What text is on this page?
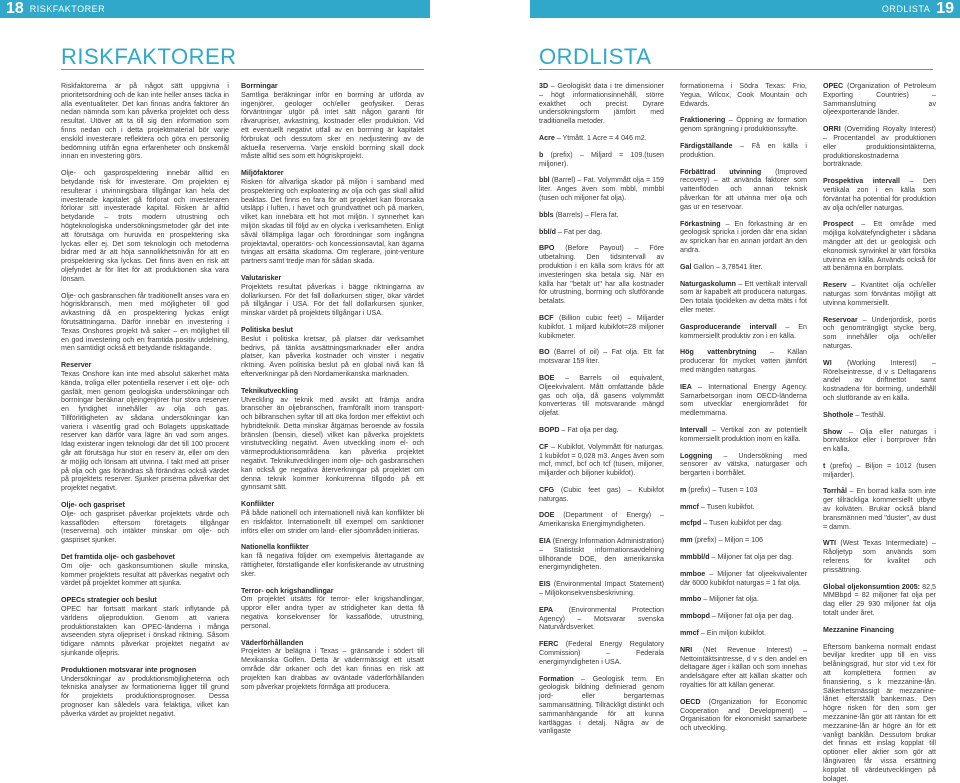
18 RISKFAKTORER	ORDLISTA 19
RISKFAKTORER	ORDLISTA

Riskfaktorerna är på något sätt uppgivna i prioritetsordning och de kan inte heller anses täcka in alla eventualiteter. Det kan finnas andra faktorer än nedan nämnda som kan påverka projektet och dess resultat. Utöver att ta till sig den information som finns nedan och i detta projektmaterial bör varje enskild investerare reflektera och göra en personlig bedömning utifrån egna erfarenheter och önskemål innan en investering görs.

Olje- och gasprospektering innebär alltid en betydande risk för investerare. Om projekten ej resulterar i utvinningsbara tillgångar kan hela det investerade kapitalet gå förlorat och investeraren förlorar sitt investerade kapital. Risken är alltid betydande – trots modern utrustning och högteknologiska undersökningsmetoder går det inte att förutsäga om huruvida en prospektering ska lyckas eller ej. Det som teknologin och metoderna bidrar med är att höja sannolikhetsnivån för att en prospektering ska lyckas. Det finns även en risk att oljefyndet är för litet för att produktionen ska vara lönsam.

Olje- och gasbranschen får traditionellt anses vara en högriskbransch, men med möjligheter till god avkastning då en prospektering lyckas enligt förutsättningarna. Därför innebär en investering i Texas Onshores projekt två saker – en möjlighet till en god investering och en framtida positiv utdelning, men samtidigt också ett betydande risktagande.

Reserver

Texas Onshore kan inte med absolut säkerhet mäta kända, troliga eller potentiella reserver i ett olje- och gasfält, men genom geologiska undersökningar och borrningar beräknar oljeingenjörer hur stora reserver en fyndighet innehåller av olja och gas. Tillförlitligheten av sådana undersökningar kan variera i väsentlig grad och Bolagets uppskattade reserver kan därför vara lägre än vad som anges. Idag existerar ingen teknologi där det till 100 procent går att förutsäga hur stor en reserv är, eller om den är möjlig och lönsam att utvinna. I takt med att priser på olja och gas förändras så förändras också värdet på projektets reserver. Sjunker priserna påverkar det projektet negativt.

Olje- och gaspriset

Olje- och gaspriset påverkar projektets värde och kassaflöden eftersom företagets tillgångar (reserverna) och intäkter minskar om olje- och gaspriset sjunker.

Det framtida olje- och gasbehovet

Om olje- och gaskonsumtionen skulle minska, kommer projektets resultat att påverkas negativt och värdet på projektet kommer att sjunka.

OPECs strategier och beslut

OPEC har fortsatt markant stark inflytande på världens oljeproduktion. Genom att variera produktionstakten kan OPEC-länderna i många avseenden styra oljepriset i önskad riktning. Såsom tidigare nämnts påverkar projektet negativt av sjunkande oljepris.

Produktionen motsvarar inte prognosen

Undersökningar av produktionsmöjligheterna och tekniska analyser av formationerna ligger till grund för projektets produktionsprognoser. Dessa prognoser kan såledels vara felaktiga, vilket kan påverka värdet av projektet negativt.

Borrningar

Samtliga beräkningar inför en borrning är utförda av ingenjörer, geologer och/eller geofysiker. Deras förväntningar utgör på intet sätt någon garanti för råvarupriser, avkastning, kostnader eller produktion. Vid ett eventuellt negativt utfall av en borrning är kapitalet förbrukat och dessutom sker en nedjustering av de aktuella reserverna. Varje enskild borrning skall dock måste alltid ses som ett högriskprojekt.

Miljöfaktorer

Risken för allvarliga skador på miljön i samband med prospektering och exploatering av olja och gas skall alltid beaktas. Det finns en fara för att projektet kan förorsaka utsläpp i luften, i havet och grundvattnet och på marken, vilket kan innebära ett hot mot miljön. I synnerhet kan miljön skadas till följd av en olycka i verksamheten. Enligt såväl tillämpliga lagar och förordningar som ingångna projektavtal, operatörs- och koncessionsavtal, kan ägarna tvingas att ersätta skadorna. Om reglerare, joint-venture partners samt tredje man för sådan skada.

Valutarisker

Projektets resultat påverkas i bägge riktningarna av dollarkursen. För det fall dollarkursen stiger, ökar värdet på tillgångar i USA. För det fall dollarkursen sjunker, minskar värdet på projektets tillgångar i USA.

Politiska beslut

Beslut i politiska kretsar, på platser där verksamhet bedrivs, på tänkta avsättningsmarknader eller andra platser, kan påverka kostnader och vinster i negativ riktning. Även politiska beslut på en global nivå kan få efterverkningar på den Nordamerikanska marknaden.

Teknikutveckling

Utveckling av teknik med avsikt att främja andra branscher än oljebranschen, framförallt inom transport- och bilbranschen syftar till att öka fordon mer effektivt och hybridteknik. Detta minskar åtgärnas beroende av fossila bränslen (bensin, diesel) vilket kan påverka projektets vinstutveckling negativt. Även utveckling inom el- och värmeproduktionsområdena kan påverka projektet negativt. Teknikutvecklingen inom olje- och gasbranschen kan också ge negativa återverkningar på projektet om denna teknik kommer konkurrenna tillgodo på ett gynnsamt sätt.

Konflikter

På både nationell och internationell nivå kan konflikter bli en riskfaktor. Internationellt till exempel om sanktioner införs eller om strider om land- eller sjöområden initieras.

Nationella konflikter

kan få negativa följder om exempelvis återtagande av rättigheter, förstatligande eller konfiskerande av utrustning sker.

Terror- och krigshandlingar

Om projektet utsätts för terror- eller krigshandlingar, uppror eller andra typer av stridigheter kan detta få negativa konsekvenser för kassaflöde, utrustning, personal.

Väderförhållanden

Projekten är belägna i Texas – gränsande i södert till Mexikanska Golfen. Detta är väderrmässigt ett utsatt område där orkaner och det kan finnas en risk att projekten kan drabbas av oväntade väderförhållanden som påverkar projektets förmåga att producera.

3D – Geologiskt data i tre dimensioner – högt informationsinnehåll, större exakthet och precist. Dyrare undersökningsform jämfört med traditionella metoder.

Acre – Ytmått. 1 Acre = 4 046 m2.

b (prefix) – Miljard = 109.(tusen miljoner).

bbl (Barrel) – Fat. Volymmått olja = 159 liter. Anges även som mbbl, mmbbl (tusen och miljoner fat olja).

bbls (Barrels) – Flera fat.

bbl/d – Fat per dag.

BPO (Before Payout) – Före utbetalning. Den tidsintervall av produktion i en källa som krävs för att investeringen ska betala sig. När en källa har "betalt ut" har alla kostnader för utrustning, borrning och slutförande betalats.

BCF (Billion cubic feet) – Miljarder kubikfot. 1 miljard kubikfot=28 miljoner kubikmeter.

BO (Barrel of oil) – Fat olja. Ett fat motsvarar 159 liter.

BOE – Barrels oil equivalent, Oljeekvivalent. Mått omfattande både gas och olja, då gasens volymmått konverteras till motsvarande mängd oljefat.

BOPD – Fat olja per dag.

CF – Kubikfot. Volymmått för naturgas. 1 kubikfot = 0,028 m3. Anges även som mcf, mmcf, bcf och tcf (tusen, miljoner, miljarder och biljoner kubikfot).

CFG (Cubic feet gas) – Kubikfot naturgas.

DOE (Department of Energy) – Amerikanska Energimyndigheten.

EIA (Energy Information Administration) – Statistiskt informationsavdelning tillhörande DOE, den amerikanska energimyndigheten.

EIS (Environmental Impact Statement) – Miljökonsekvensbeskrivning.

EPA (Environmental Protection Agency) – Motsvarar svenska Naturvårdsverket.

FERC (Federal Energy Regulatory Commission) – Federala energimyndigheten i USA.

Formation – Geologisk term. En geologisk bildning definierad genom jord- eller bergarternas sammansättning. Tillräckligt distinkt och sammanhängande för att kunna kartläggas i detalj. Några av de vanligaste

formationerna i Södra Texas: Frio, Yegua, Wilcox, Cook Mountain och Edwards.

Fraktionering – Öppning av formation genom sprängning i produktionssyfte.

Färdigställande – Få en källa i produktion.

Förbättrad utvinning (Improved recovery) – att använda faktorer som vattenflöden och annan teknisk påverkan för att utvinna mer olja och gas ur en reservoar.

Förkastning – En förkastning är en geologisk spricka i jorden där ena sidan av sprickan har en annan jordart än den andra.

Gal Gallon – 3,78541 liter.

Naturgaskolumn – Ett vertikalt intervall som är kapabelt att producera naturgas. Den totala tjockleken av detta mäts i fot eller meter.

Gasproducerande intervall – En kommersiellt produktiv zon i en källa.

Hög vattenbrytning – Källan producerar för mycket vatten jämfört med mängden naturgas.

IEA – International Energy Agency. Samarbetsorgan inom OECD-länderna som utvecklar energiområdet för medlemmarna.

Intervall – Vertikal zon av potentiellt kommersiellt produktion inom en källa.

Loggning – Undersökning med sensorer av vätska, naturgaser och bergarten i borrhålet.

m (prefix) – Tusen = 103

mmcf – Tusen kubikfot.

mcfpd – Tusen kubikfot per dag.

mm (prefix) – Miljon = 106

mmbbl/d – Miljoner fat olja per dag.

mmboe – Miljoner fat oljeekvivalenter där 6000 kubikfot naturgas = 1 fat olja.

mmbo – Miljoner fat olja.

mmbopd – Miljoner fat olja per dag.

mmcf – Ein miljon kubikfot.

NRI (Net Revenue Interest) – Nettointäktsintresse, d v s den andel en deltagare äger i källan och som innehas andelsägare efter att källan skatter och royalties för att källan generar.

OECD (Organization for Economic Cooperation and Development) – Organisation för ekonomiskt samarbete och utveckling.

OPEC (Organization of Petroleum Exporting Countries) – Sammanslutning av oljeexporterande länder.

ORRI (Overriding Royalty Interest) – Procentandel av produktionen eller produktionsintäkterna, produktionskostnaderna borträknade.

Prospektiva intervall – Den vertikala zon i en källa som förväntat ha potential för produktion av olja och/eller naturgas.

Prospect – Ett område med möjliga kolvätefyndigheter i sådana mängder att det ur geologisk och ekonomisk synvinkel är värt försöka utvinna en källa. Används också för att benämna en borrplats.

Reserv – Kvantitet olja och/eller naturgas som förväntas möjligt att utvinna kommersiellt.

Reservoar – Underjordisk, porös och genomträngligt stycke berg, som innehåller olja och/eller naturgas.

WI (Working Interest) – Rörelseintresse, d v s Deltagarens andel av driftnettot samt kostnadena för borrning, underhåll och slutförande av en källa.

Shothole – Testhål.

Show – Olja eller naturgas i borrvätskor eller i borrprover från en källa.

t (prefix) – Biljon = 1012 (tusen miljarder).

Torrhål – En borrad källa som inte ger tillräckliga kommersiellt utbyte av kolväten. Brukar också bland bransmännen med "duster", av dust = damm.

WTI (West Texas Intermediate) – Råoljetyp som används som referens för kvalitet och prissättning.

Global oljekonsumtion 2005: 82,5 MMBbpd = 82 miljoner fat olja per dag eller 29 930 miljoner fat olja totalt under året.

Mezzanine Financing

Eftersom bankerna normalt endast beviljar krediter upp till en viss belåningsgrad, hur stor vid t.ex för att komplettera formen av finansiering, s k mezzanine-lån. Säkerhetsmässigt är mezzanine-lånet efterställt bankernas. Den högre risken för den som ger mezzanine-lån gör att räntan för ett mezzanine-lån är högre än för ett vanligt banklån. Dessutom brukar det finnas ett inslag kopplat till optioner eller aktier som gör att långivaren får vissa ersättning kopplat till värdeutvecklingen på bolaget.
